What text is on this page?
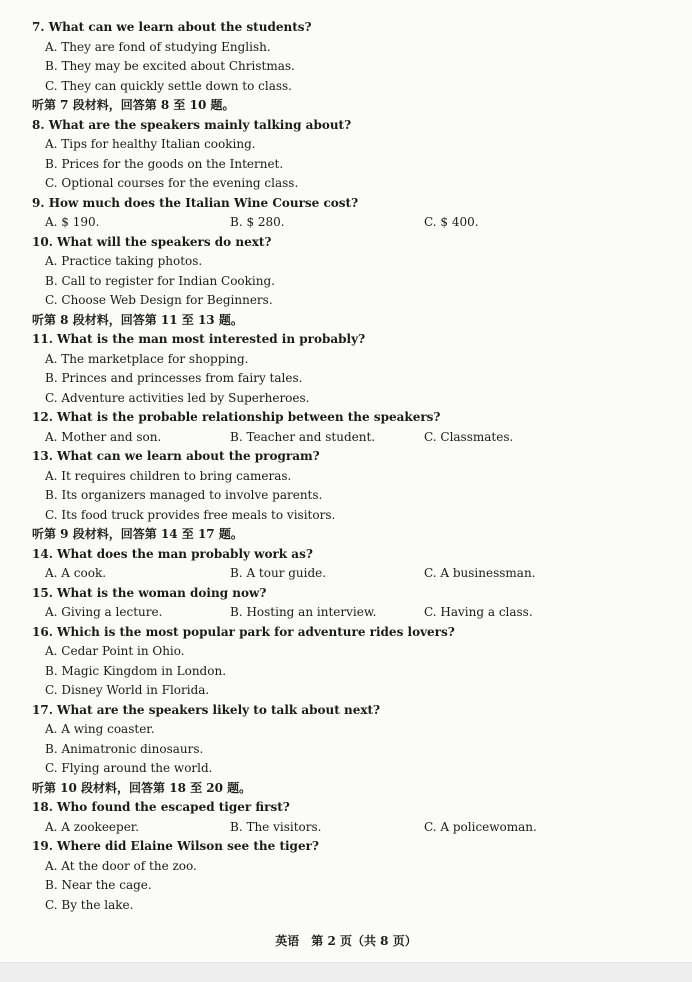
7. What can we learn about the students?
A. They are fond of studying English.
B. They may be excited about Christmas.
C. They can quickly settle down to class.
听第 7 段材料，回答第 8 至 10 题。
8. What are the speakers mainly talking about?
A. Tips for healthy Italian cooking.
B. Prices for the goods on the Internet.
C. Optional courses for the evening class.
9. How much does the Italian Wine Course cost?
A. $ 190.	B. $ 280.	C. $ 400.
10. What will the speakers do next?
A. Practice taking photos.
B. Call to register for Indian Cooking.
C. Choose Web Design for Beginners.
听第 8 段材料，回答第 11 至 13 题。
11. What is the man most interested in probably?
A. The marketplace for shopping.
B. Princes and princesses from fairy tales.
C. Adventure activities led by Superheroes.
12. What is the probable relationship between the speakers?
A. Mother and son.	B. Teacher and student.	C. Classmates.
13. What can we learn about the program?
A. It requires children to bring cameras.
B. Its organizers managed to involve parents.
C. Its food truck provides free meals to visitors.
听第 9 段材料，回答第 14 至 17 题。
14. What does the man probably work as?
A. A cook.	B. A tour guide.	C. A businessman.
15. What is the woman doing now?
A. Giving a lecture.	B. Hosting an interview.	C. Having a class.
16. Which is the most popular park for adventure rides lovers?
A. Cedar Point in Ohio.
B. Magic Kingdom in London.
C. Disney World in Florida.
17. What are the speakers likely to talk about next?
A. A wing coaster.
B. Animatronic dinosaurs.
C. Flying around the world.
听第 10 段材料，回答第 18 至 20 题。
18. Who found the escaped tiger first?
A. A zookeeper.	B. The visitors.	C. A policewoman.
19. Where did Elaine Wilson see the tiger?
A. At the door of the zoo.
B. Near the cage.
C. By the lake.
英语　第 2 页（共 8 页）
